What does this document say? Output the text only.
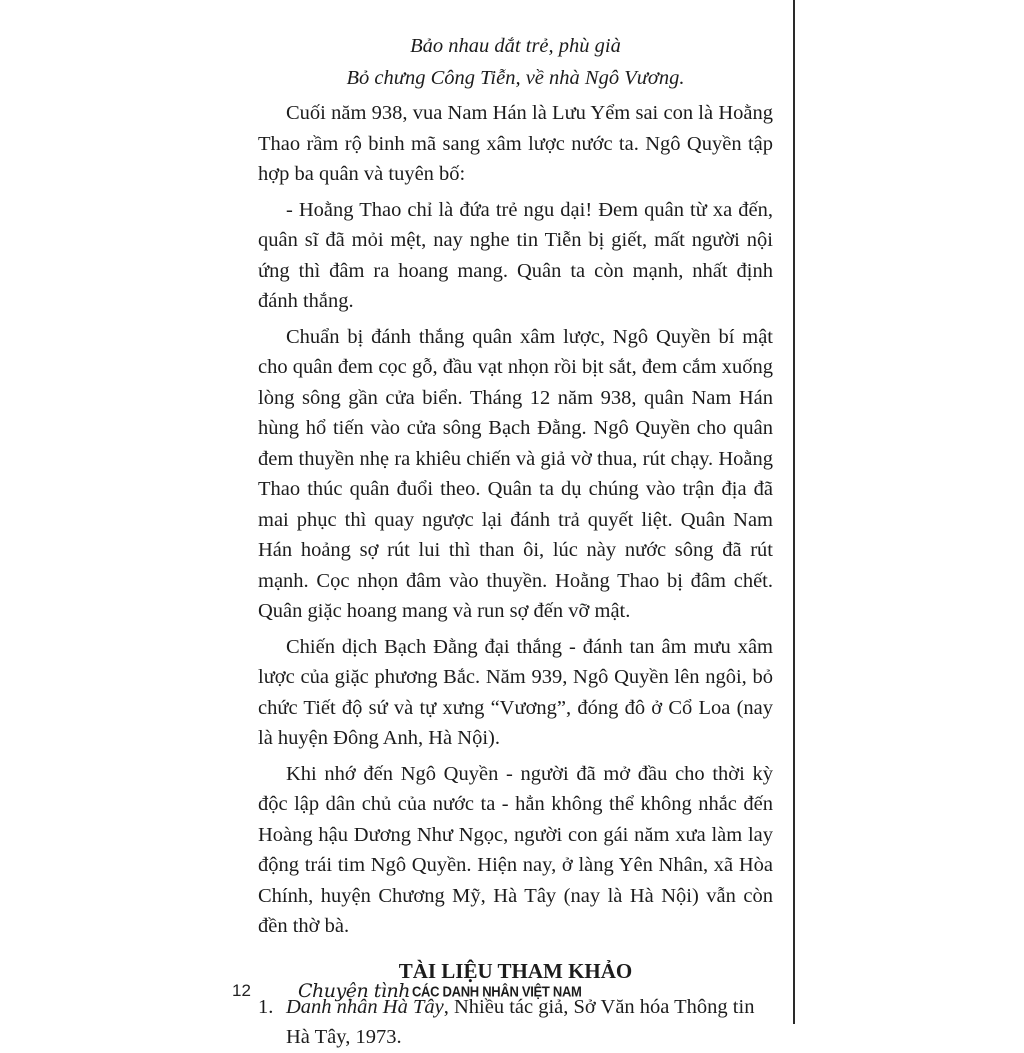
Bảo nhau dắt trẻ, phù già

Bỏ chưng Công Tiễn, về nhà Ngô Vương.

Cuối năm 938, vua Nam Hán là Lưu Yểm sai con là Hoằng Thao rầm rộ binh mã sang xâm lược nước ta. Ngô Quyền tập hợp ba quân và tuyên bố:

- Hoằng Thao chỉ là đứa trẻ ngu dại! Đem quân từ xa đến, quân sĩ đã mỏi mệt, nay nghe tin Tiễn bị giết, mất người nội ứng thì đâm ra hoang mang. Quân ta còn mạnh, nhất định đánh thắng.

Chuẩn bị đánh thắng quân xâm lược, Ngô Quyền bí mật cho quân đem cọc gỗ, đầu vạt nhọn rồi bịt sắt, đem cắm xuống lòng sông gần cửa biển. Tháng 12 năm 938, quân Nam Hán hùng hổ tiến vào cửa sông Bạch Đằng. Ngô Quyền cho quân đem thuyền nhẹ ra khiêu chiến và giả vờ thua, rút chạy. Hoằng Thao thúc quân đuổi theo. Quân ta dụ chúng vào trận địa đã mai phục thì quay ngược lại đánh trả quyết liệt. Quân Nam Hán hoảng sợ rút lui thì than ôi, lúc này nước sông đã rút mạnh. Cọc nhọn đâm vào thuyền. Hoằng Thao bị đâm chết. Quân giặc hoang mang và run sợ đến vỡ mật.

Chiến dịch Bạch Đằng đại thắng - đánh tan âm mưu xâm lược của giặc phương Bắc. Năm 939, Ngô Quyền lên ngôi, bỏ chức Tiết độ sứ và tự xưng “Vương”, đóng đô ở Cổ Loa (nay là huyện Đông Anh, Hà Nội).

Khi nhớ đến Ngô Quyền - người đã mở đầu cho thời kỳ độc lập dân chủ của nước ta - hẳn không thể không nhắc đến Hoàng hậu Dương Như Ngọc, người con gái năm xưa làm lay động trái tim Ngô Quyền. Hiện nay, ở làng Yên Nhân, xã Hòa Chính, huyện Chương Mỹ, Hà Tây (nay là Hà Nội) vẫn còn đền thờ bà.

TÀI LIỆU THAM KHẢO
1. Danh nhân Hà Tây, Nhiều tác giả, Sở Văn hóa Thông tin Hà Tây, 1973.
12	Chuyện tình CÁC DANH NHÂN VIỆT NAM
